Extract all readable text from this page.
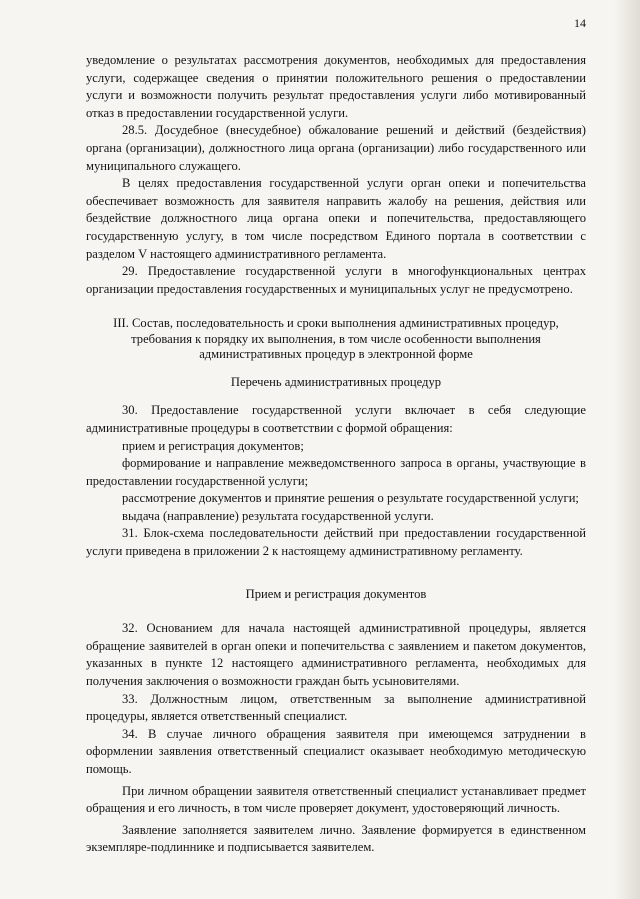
14

уведомление о результатах рассмотрения документов, необходимых для предоставления услуги, содержащее сведения о принятии положительного решения о предоставлении услуги и возможности получить результат предоставления услуги либо мотивированный отказ в предоставлении государственной услуги.

28.5. Досудебное (внесудебное) обжалование решений и действий (бездействия) органа (организации), должностного лица органа (организации) либо государственного или муниципального служащего.

В целях предоставления государственной услуги орган опеки и попечительства обеспечивает возможность для заявителя направить жалобу на решения, действия или бездействие должностного лица органа опеки и попечительства, предоставляющего государственную услугу, в том числе посредством Единого портала в соответствии с разделом V настоящего административного регламента.

29. Предоставление государственной услуги в многофункциональных центрах организации предоставления государственных и муниципальных услуг не предусмотрено.

III. Состав, последовательность и сроки выполнения административных процедур, требования к порядку их выполнения, в том числе особенности выполнения административных процедур в электронной форме

Перечень административных процедур

30. Предоставление государственной услуги включает в себя следующие административные процедуры в соответствии с формой обращения:

прием и регистрация документов;

формирование и направление межведомственного запроса в органы, участвующие в предоставлении государственной услуги;

рассмотрение документов и принятие решения о результате государственной услуги;

выдача (направление) результата государственной услуги.

31. Блок-схема последовательности действий при предоставлении государственной услуги приведена в приложении 2 к настоящему административному регламенту.

Прием и регистрация документов

32. Основанием для начала настоящей административной процедуры, является обращение заявителей в орган опеки и попечительства с заявлением и пакетом документов, указанных в пункте 12 настоящего административного регламента, необходимых для получения заключения о возможности граждан быть усыновителями.

33. Должностным лицом, ответственным за выполнение административной процедуры, является ответственный специалист.

34. В случае личного обращения заявителя при имеющемся затруднении в оформлении заявления ответственный специалист оказывает необходимую методическую помощь.

При личном обращении заявителя ответственный специалист устанавливает предмет обращения и его личность, в том числе проверяет документ, удостоверяющий личность.

Заявление заполняется заявителем лично. Заявление формируется в единственном экземпляре-подлиннике и подписывается заявителем.
